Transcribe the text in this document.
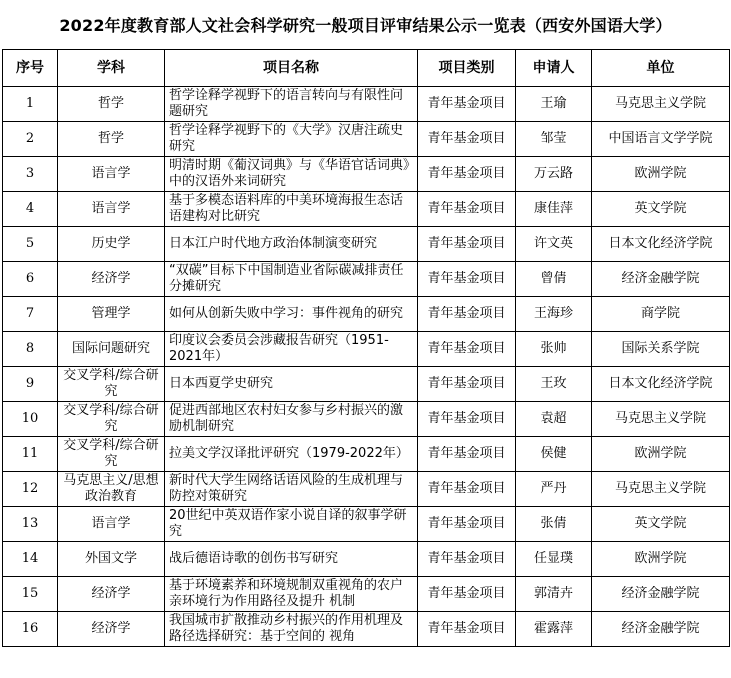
2022年度教育部人文社会科学研究一般项目评审结果公示一览表（西安外国语大学）
序号	学科	项目名称	项目类别	申请人	单位

1	哲学	哲学诠释学视野下的语言转向与有限性问题研究	青年基金项目	王瑜	马克思主义学院

2	哲学	哲学诠释学视野下的《大学》汉唐注疏史研究	青年基金项目	邹莹	中国语言文学学院

3	语言学	明清时期《葡汉词典》与《华语官话词典》中的汉语外来词研究	青年基金项目	万云路	欧洲学院

4	语言学	基于多模态语料库的中美环境海报生态话语建构对比研究	青年基金项目	康佳萍	英文学院

5	历史学	日本江户时代地方政治体制演变研究	青年基金项目	许文英	日本文化经济学院

6	经济学	“双碳”目标下中国制造业省际碳减排责任分摊研究	青年基金项目	曾倩	经济金融学院

7	管理学	如何从创新失败中学习：事件视角的研究	青年基金项目	王海珍	商学院

8	国际问题研究	印度议会委员会涉藏报告研究（1951-2021年）	青年基金项目	张帅	国际关系学院

9	交叉学科/综合研究	日本西夏学史研究	青年基金项目	王玫	日本文化经济学院

10	交叉学科/综合研究	促进西部地区农村妇女参与乡村振兴的激励机制研究	青年基金项目	袁超	马克思主义学院

11	交叉学科/综合研究	拉美文学汉译批评研究（1979-2022年）	青年基金项目	侯健	欧洲学院

12	马克思主义/思想政治教育	新时代大学生网络话语风险的生成机理与防控对策研究	青年基金项目	严丹	马克思主义学院

13	语言学	20世纪中英双语作家小说自译的叙事学研究	青年基金项目	张倩	英文学院

14	外国文学	战后德语诗歌的创伤书写研究	青年基金项目	任显璞	欧洲学院

15	经济学	基于环境素养和环境规制双重视角的农户亲环境行为作用路径及提升 机制	青年基金项目	郭清卉	经济金融学院

16	经济学	我国城市扩散推动乡村振兴的作用机理及路径选择研究：基于空间的 视角	青年基金项目	霍露萍	经济金融学院
